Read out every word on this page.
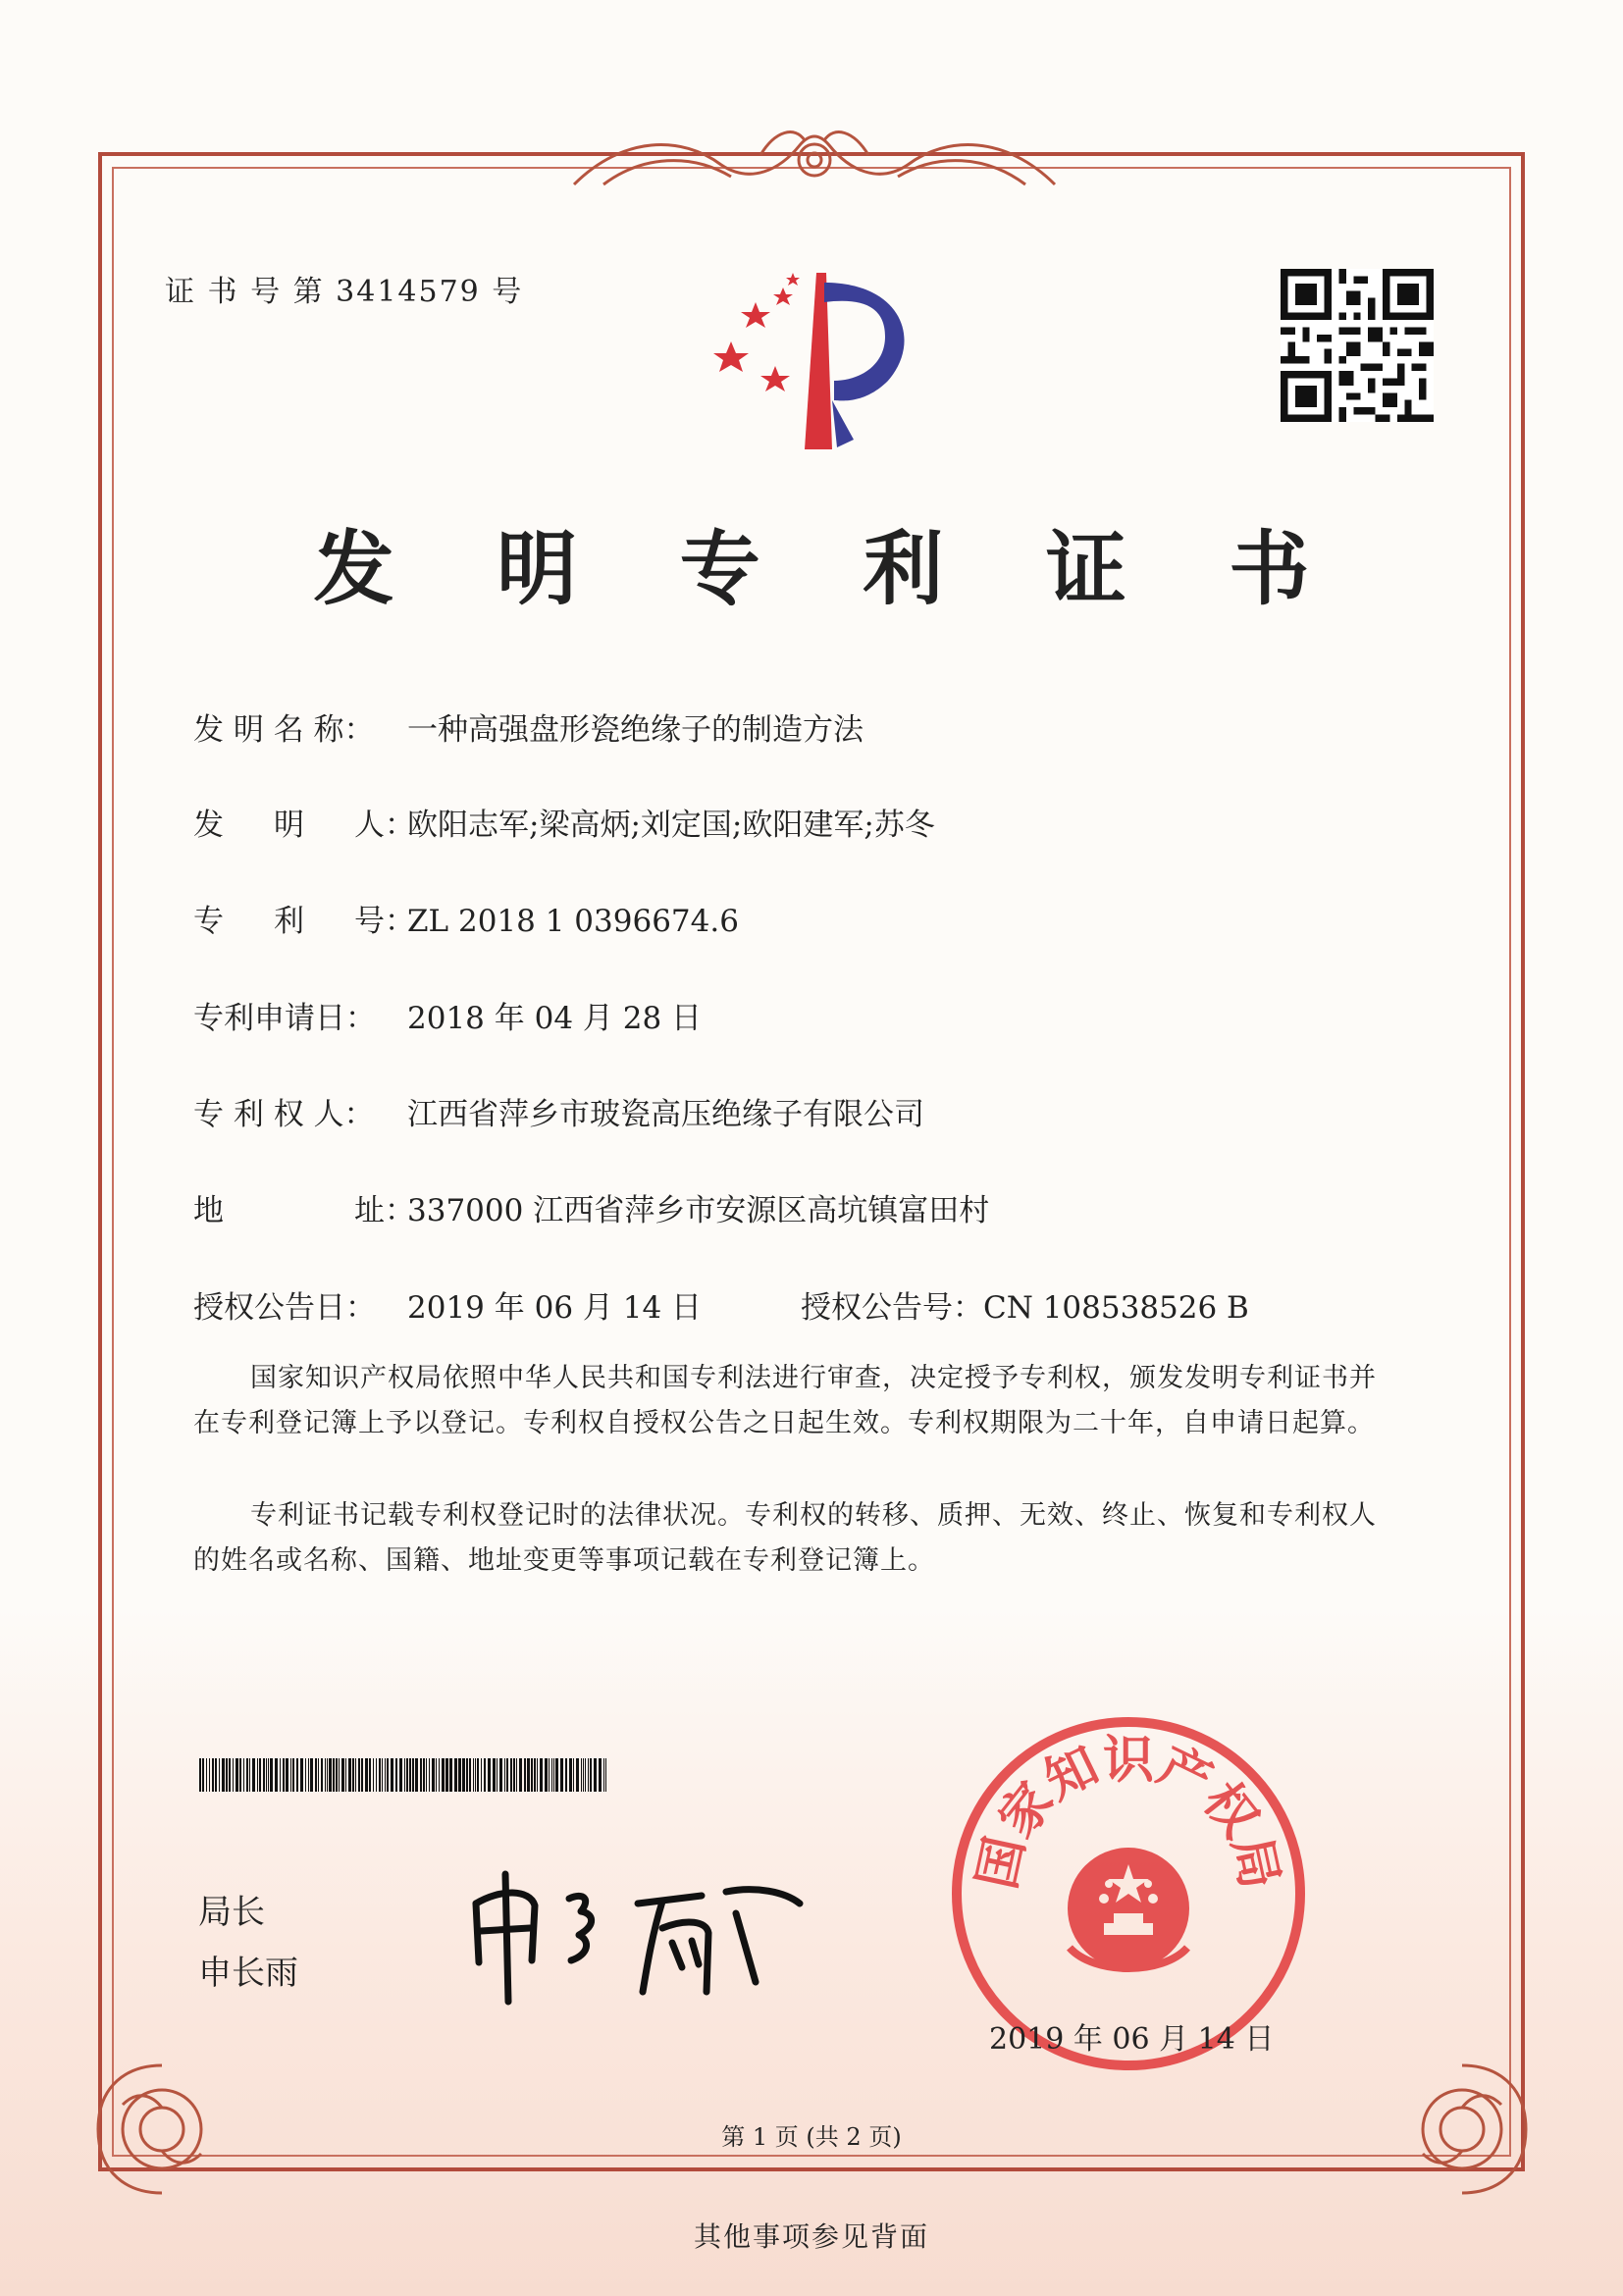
证 书 号 第 3414579 号
发 明 专 利 证 书
发 明 名 称：	一种高强盘形瓷绝缘子的制造方法
发 明 人 ：
欧阳志军;梁高炳;刘定国;欧阳建军;苏冬
专 利 号 ：
ZL 2018 1 0396674.6
专利申请日：	2018 年 04 月 28 日
专 利 权 人：	江西省萍乡市玻瓷高压绝缘子有限公司
地	址 ：
337000 江西省萍乡市安源区高坑镇富田村
授权公告日：	2019 年 06 月 14 日	授权公告号：CN 108538526 B
国家知识产权局依照中华人民共和国专利法进行审查，决定授予专利权，颁发发明专利证书并在专利登记簿上予以登记。专利权自授权公告之日起生效。专利权期限为二十年，自申请日起算。
专利证书记载专利权登记时的法律状况。专利权的转移、质押、无效、终止、恢复和专利权人的姓名或名称、国籍、地址变更等事项记载在专利登记簿上。
局长
申长雨
国家知识产权局
2019 年 06 月 14 日
第 1 页 (共 2 页)
其他事项参见背面
